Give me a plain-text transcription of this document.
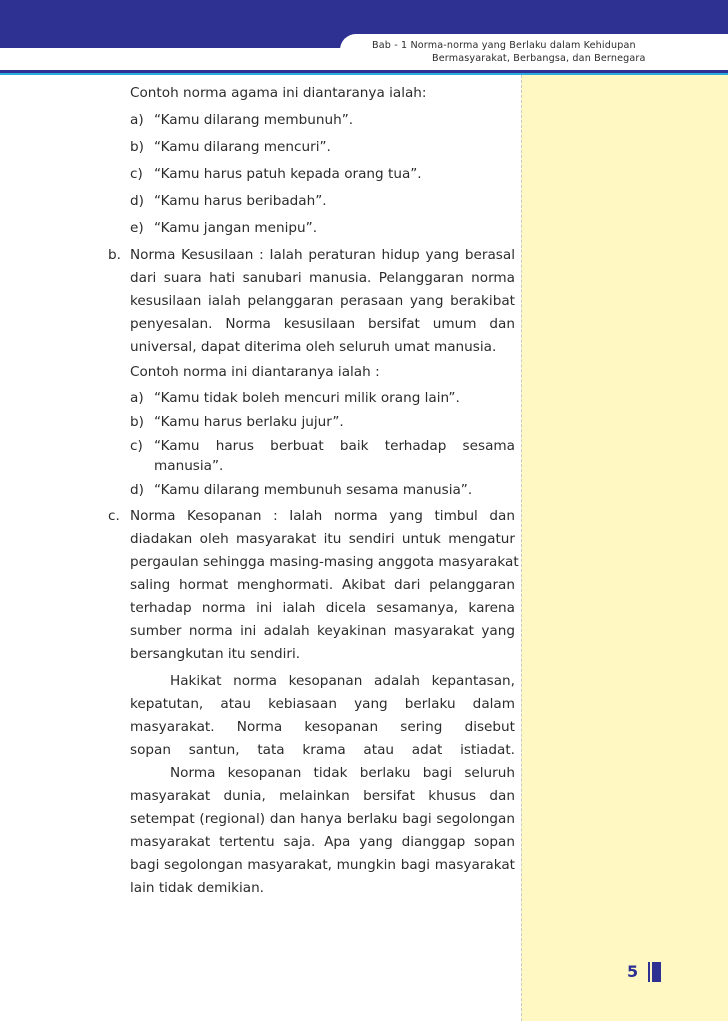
Bab - 1 Norma-norma yang Berlaku dalam Kehidupan
Bermasyarakat, Berbangsa, dan Bernegara

Contoh norma agama ini diantaranya ialah:

a) “Kamu dilarang membunuh”.

b) “Kamu dilarang mencuri”.

c) “Kamu harus patuh kepada orang tua”.

d) “Kamu harus beribadah”.

e) “Kamu jangan menipu”.

b. Norma Kesusilaan : Ialah peraturan hidup yang berasal

dari suara hati sanubari manusia. Pelanggaran norma

kesusilaan ialah pelanggaran perasaan yang berakibat

penyesalan. Norma kesusilaan bersifat umum dan

universal, dapat diterima oleh seluruh umat manusia.

Contoh norma ini diantaranya ialah :

a) “Kamu tidak boleh mencuri milik orang lain”.

b) “Kamu harus berlaku jujur”.

c) “Kamu harus berbuat baik terhadap sesama

manusia”.

d) “Kamu dilarang membunuh sesama manusia”.

c. Norma Kesopanan : Ialah norma yang timbul dan

diadakan oleh masyarakat itu sendiri untuk mengatur

pergaulan sehingga masing-masing anggota masyarakat

saling hormat menghormati. Akibat dari pelanggaran

terhadap norma ini ialah dicela sesamanya, karena

sumber norma ini adalah keyakinan masyarakat yang

bersangkutan itu sendiri.

Hakikat norma kesopanan adalah kepantasan,

kepatutan, atau kebiasaan yang berlaku dalam

masyarakat. Norma kesopanan sering disebut

sopan santun, tata krama atau adat istiadat.

Norma kesopanan tidak berlaku bagi seluruh

masyarakat dunia, melainkan bersifat khusus dan

setempat (regional) dan hanya berlaku bagi segolongan

masyarakat tertentu saja. Apa yang dianggap sopan

bagi segolongan masyarakat, mungkin bagi masyarakat

lain tidak demikian.

5
